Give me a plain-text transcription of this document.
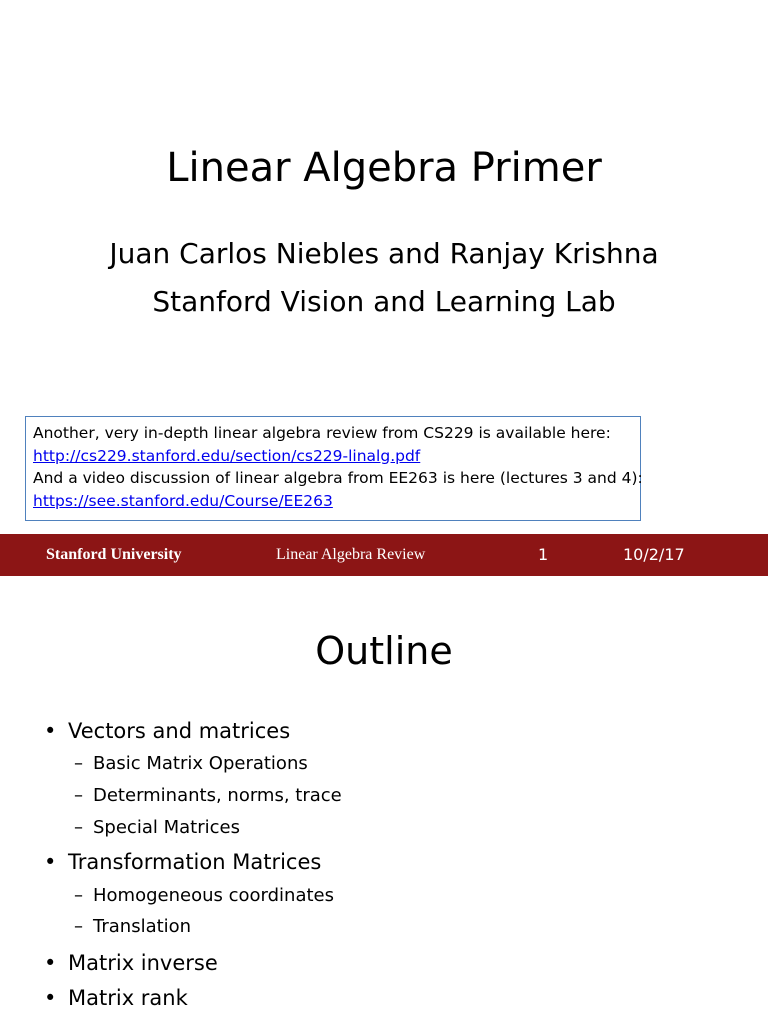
Linear Algebra Primer
Juan Carlos Niebles and Ranjay Krishna
Stanford Vision and Learning Lab
Another, very in-depth linear algebra review from CS229 is available here:
http://cs229.stanford.edu/section/cs229-linalg.pdf
And a video discussion of linear algebra from EE263 is here (lectures 3 and 4):
https://see.stanford.edu/Course/EE263
Stanford University	Linear Algebra Review	1	10/2/17
Outline
• Vectors and matrices
– Basic Matrix Operations
– Determinants, norms, trace
– Special Matrices
• Transformation Matrices
– Homogeneous coordinates
– Translation
• Matrix inverse
• Matrix rank
